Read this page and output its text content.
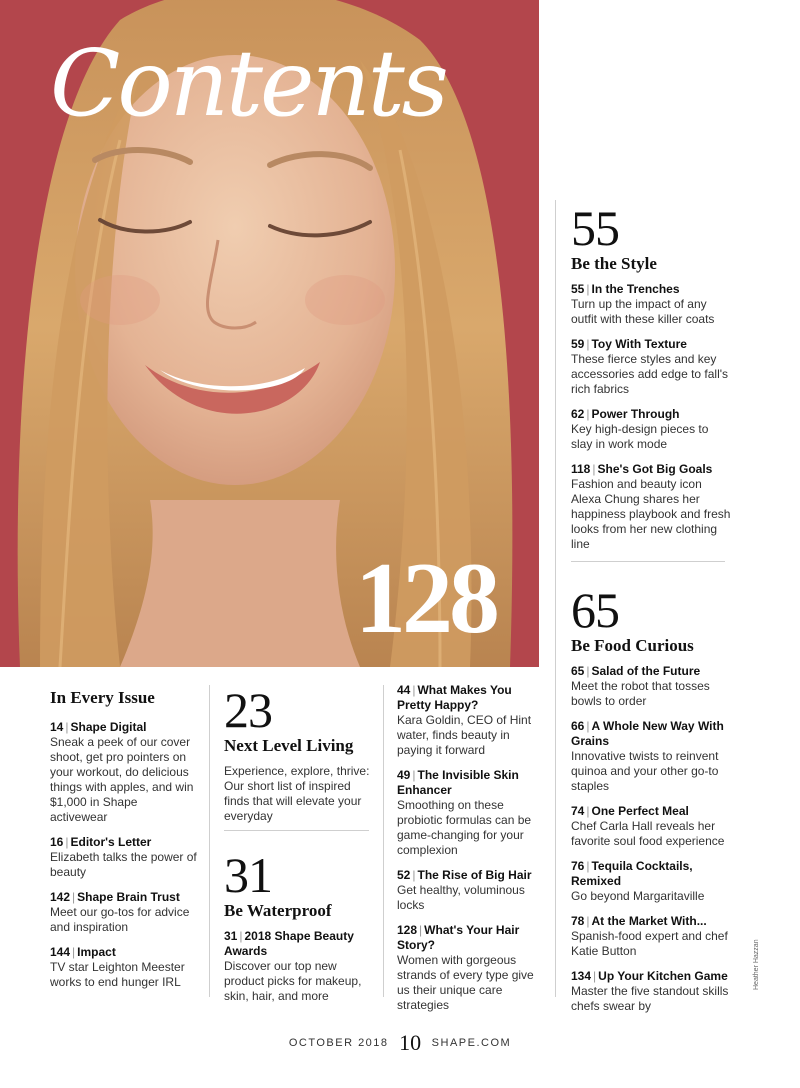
Contents
128
55
Be the Style
55 | In the Trenches
Turn up the impact of any outfit with these killer coats
59 | Toy With Texture
These fierce styles and key accessories add edge to fall's rich fabrics
62 | Power Through
Key high-design pieces to slay in work mode
118 | She's Got Big Goals
Fashion and beauty icon Alexa Chung shares her happiness playbook and fresh looks from her new clothing line
65
Be Food Curious
65 | Salad of the Future
Meet the robot that tosses bowls to order
66 | A Whole New Way With Grains
Innovative twists to reinvent quinoa and your other go-to staples
74 | One Perfect Meal
Chef Carla Hall reveals her favorite soul food experience
76 | Tequila Cocktails, Remixed
Go beyond Margaritaville
78 | At the Market With...
Spanish-food expert and chef Katie Button
134 | Up Your Kitchen Game
Master the five standout skills chefs swear by
In Every Issue
14 | Shape Digital
Sneak a peek of our cover shoot, get pro pointers on your workout, do delicious things with apples, and win $1,000 in Shape activewear
16 | Editor's Letter
Elizabeth talks the power of beauty
142 | Shape Brain Trust
Meet our go-tos for advice and inspiration
144 | Impact
TV star Leighton Meester works to end hunger IRL
23
Next Level Living
Experience, explore, thrive: Our short list of inspired finds that will elevate your everyday
31
Be Waterproof
31 | 2018 Shape Beauty Awards
Discover our top new product picks for makeup, skin, hair, and more
44 | What Makes You Pretty Happy?
Kara Goldin, CEO of Hint water, finds beauty in paying it forward
49 | The Invisible Skin Enhancer
Smoothing on these probiotic formulas can be game-changing for your complexion
52 | The Rise of Big Hair
Get healthy, voluminous locks
128 | What's Your Hair Story?
Women with gorgeous strands of every type give us their unique care strategies
Heather Hazzan
OCTOBER 2018 10 SHAPE.COM
